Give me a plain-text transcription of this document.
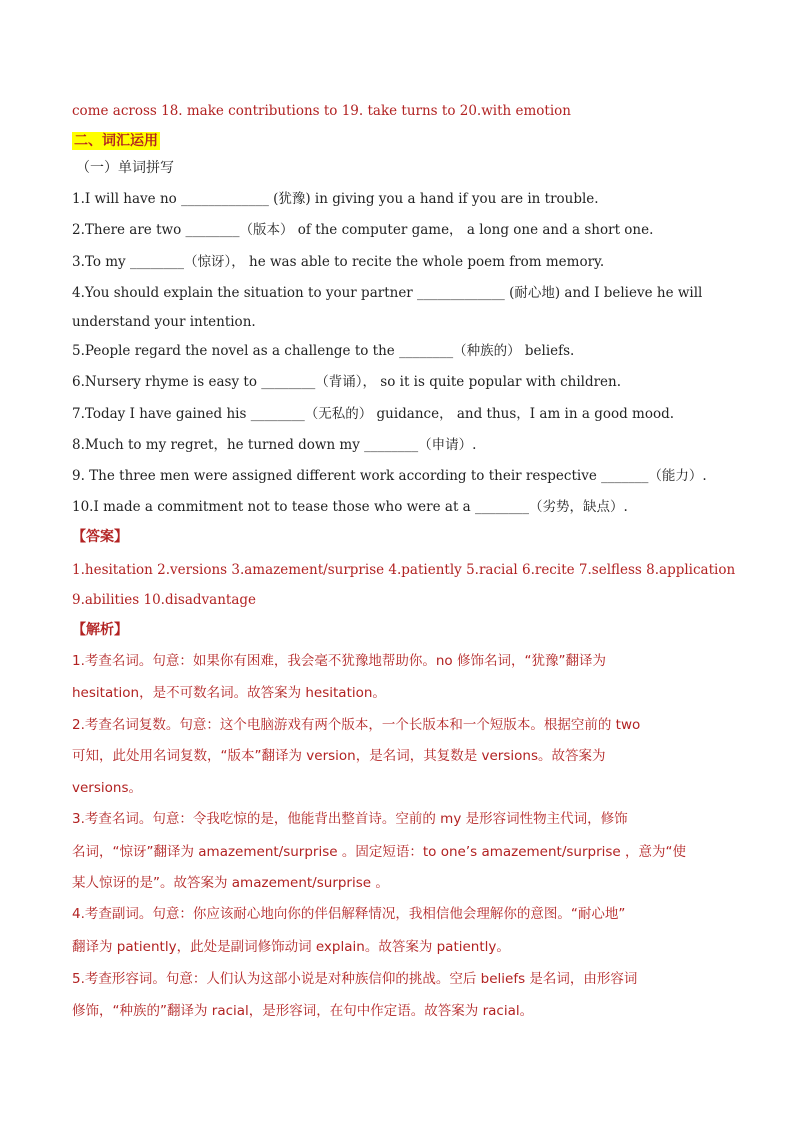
come across 18. make contributions to 19. take turns to 20.with emotion
二、词汇运用
（一）单词拼写
1.I will have no _____________ (犹豫) in giving you a hand if you are in trouble.
2.There are two ________（版本） of the computer game， a long one and a short one.
3.To my ________（惊讶）， he was able to recite the whole poem from memory.
4.You should explain the situation to your partner _____________ (耐心地) and I believe he will
understand your intention.
5.People regard the novel as a challenge to the ________（种族的） beliefs.
6.Nursery rhyme is easy to ________（背诵）， so it is quite popular with children.
7.Today I have gained his ________（无私的） guidance， and thus，I am in a good mood.
8.Much to my regret，he turned down my ________（申请）.
9. The three men were assigned different work according to their respective _______（能力）.
10.I made a commitment not to tease those who were at a ________（劣势，缺点）.
【答案】
1.hesitation 2.versions 3.amazement/surprise 4.patiently 5.racial 6.recite 7.selfless 8.application
9.abilities 10.disadvantage
【解析】
1.考查名词。句意：如果你有困难，我会毫不犹豫地帮助你。no 修饰名词，“犹豫”翻译为
hesitation，是不可数名词。故答案为 hesitation。
2.考查名词复数。句意：这个电脑游戏有两个版本，一个长版本和一个短版本。根据空前的 two
可知，此处用名词复数，“版本”翻译为 version，是名词，其复数是 versions。故答案为
versions。
3.考查名词。句意：令我吃惊的是，他能背出整首诗。空前的 my 是形容词性物主代词，修饰
名词，“惊讶”翻译为 amazement/surprise 。固定短语：to one’s amazement/surprise ，意为“使
某人惊讶的是”。故答案为 amazement/surprise 。
4.考查副词。句意：你应该耐心地向你的伴侣解释情况，我相信他会理解你的意图。“耐心地”
翻译为 patiently，此处是副词修饰动词 explain。故答案为 patiently。
5.考查形容词。句意：人们认为这部小说是对种族信仰的挑战。空后 beliefs 是名词，由形容词
修饰，“种族的”翻译为 racial，是形容词，在句中作定语。故答案为 racial。
